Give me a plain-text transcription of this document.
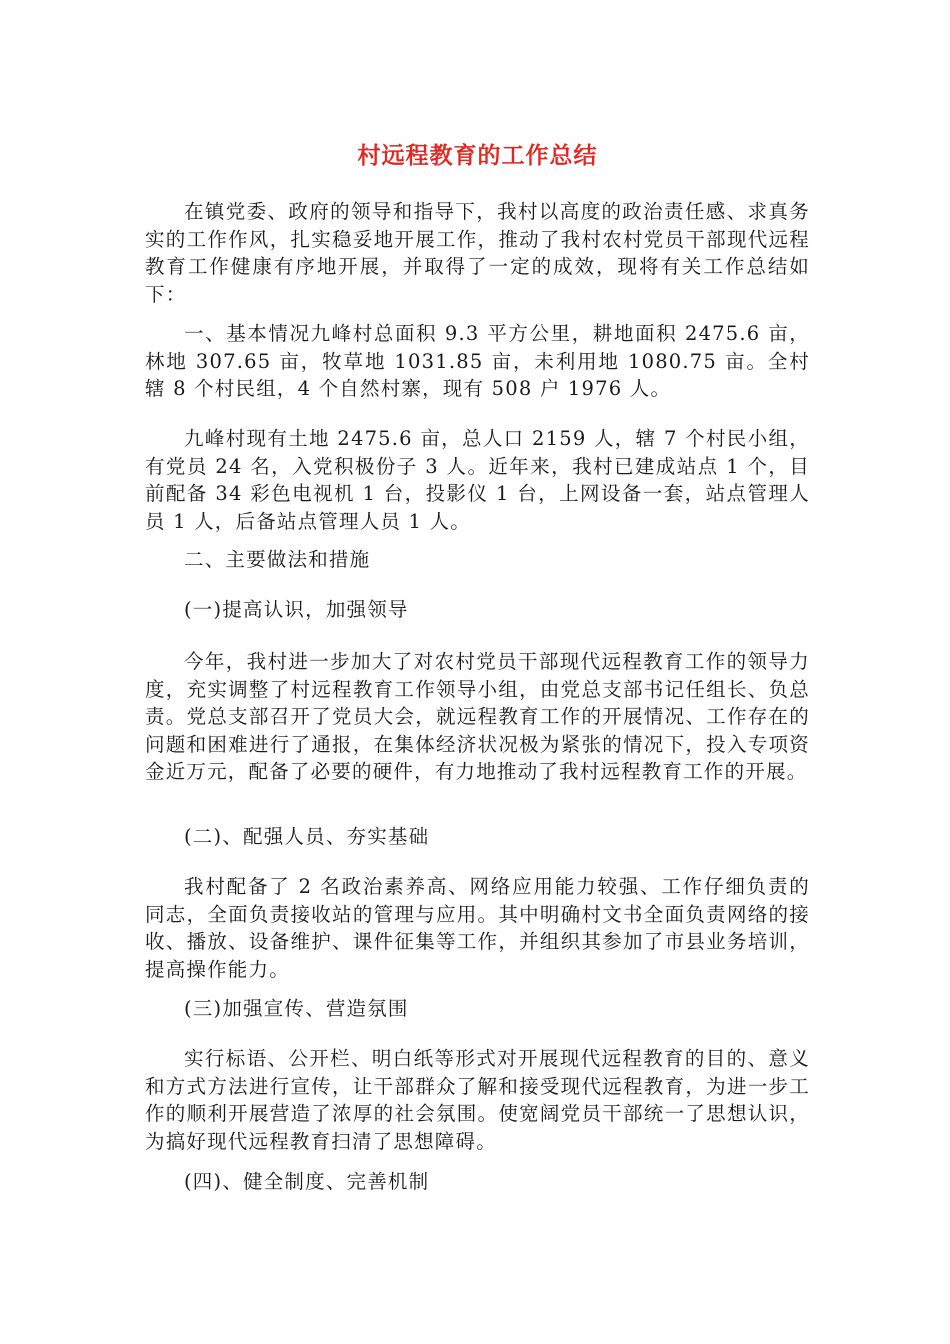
村远程教育的工作总结

在镇党委、政府的领导和指导下，我村以高度的政治责任感、求真务实的工作作风，扎实稳妥地开展工作，推动了我村农村党员干部现代远程教育工作健康有序地开展，并取得了一定的成效，现将有关工作总结如下：

一、基本情况九峰村总面积 9.3 平方公里，耕地面积 2475.6 亩，林地 307.65 亩，牧草地 1031.85 亩，未利用地 1080.75 亩。全村辖 8 个村民组，4 个自然村寨，现有 508 户 1976 人。

九峰村现有土地 2475.6 亩，总人口 2159 人，辖 7 个村民小组，有党员 24 名，入党积极份子 3 人。近年来，我村已建成站点 1 个，目前配备 34 彩色电视机 1 台，投影仪 1 台，上网设备一套，站点管理人员 1 人，后备站点管理人员 1 人。

二、主要做法和措施

(一)提高认识，加强领导

今年，我村进一步加大了对农村党员干部现代远程教育工作的领导力度，充实调整了村远程教育工作领导小组，由党总支部书记任组长、负总责。党总支部召开了党员大会，就远程教育工作的开展情况、工作存在的问题和困难进行了通报，在集体经济状况极为紧张的情况下，投入专项资金近万元，配备了必要的硬件，有力地推动了我村远程教育工作的开展。

(二)、配强人员、夯实基础

我村配备了 2 名政治素养高、网络应用能力较强、工作仔细负责的同志，全面负责接收站的管理与应用。其中明确村文书全面负责网络的接收、播放、设备维护、课件征集等工作，并组织其参加了市县业务培训，提高操作能力。

(三)加强宣传、营造氛围

实行标语、公开栏、明白纸等形式对开展现代远程教育的目的、意义和方式方法进行宣传，让干部群众了解和接受现代远程教育，为进一步工作的顺利开展营造了浓厚的社会氛围。使宽阔党员干部统一了思想认识，为搞好现代远程教育扫清了思想障碍。

(四)、健全制度、完善机制
